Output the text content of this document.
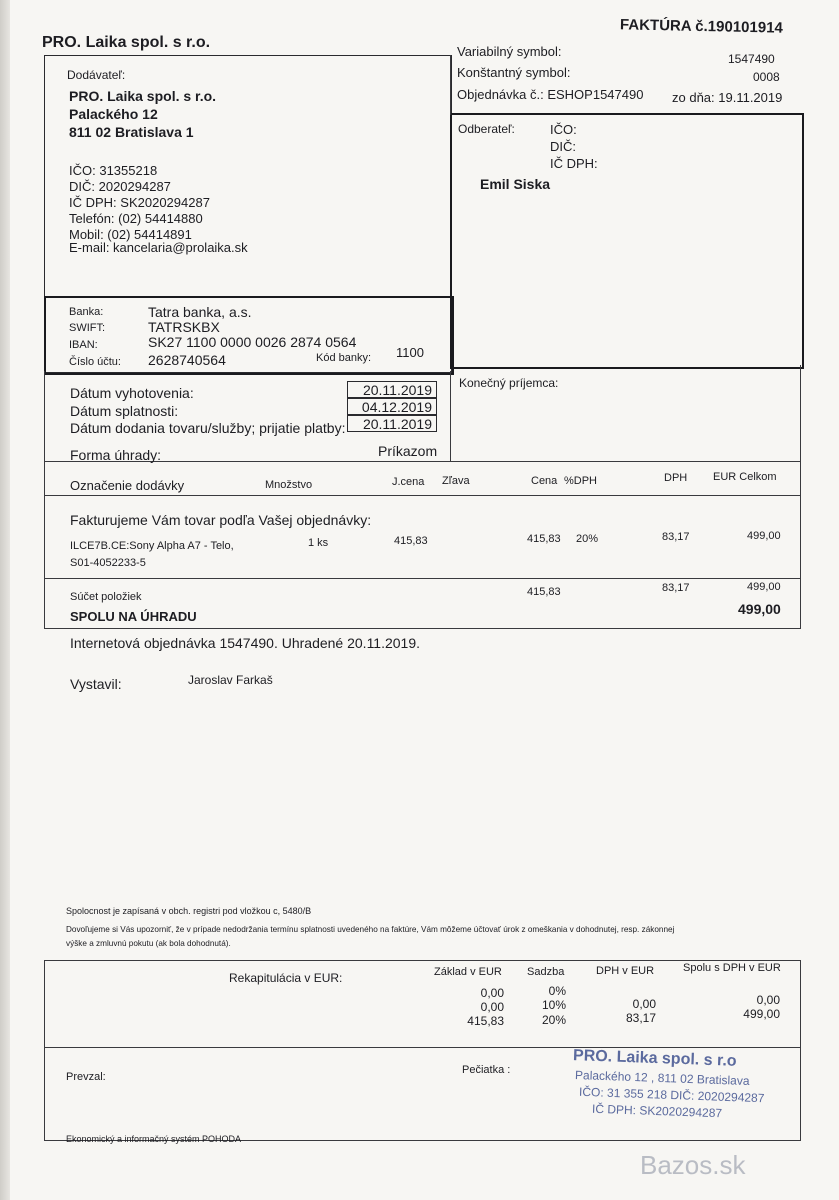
PRO. Laika spol. s r.o.
FAKTÚRA č.190101914
Variabilný symbol:	1547490
Konštantný symbol:	0008
Objednávka č.: ESHOP1547490 zo dňa: 19.11.2019
Dodávateľ:
PRO. Laika spol. s r.o.
Palackého 12
811 02 Bratislava 1
IČO: 31355218
DIČ: 2020294287
IČ DPH: SK2020294287
Telefón: (02) 54414880
Mobil: (02) 54414891
E-mail: kancelaria@prolaika.sk
Banka:	Tatra banka, a.s.
SWIFT:	TATRSKBX
IBAN:	SK27 1100 0000 0026 2874 0564
Číslo účtu: 2628740564	Kód banky: 1100
Odberateľ:	IČO:
DIČ:
IČ DPH:
Emil Siska
Konečný príjemca:
Dátum vyhotovenia:	20.11.2019
Dátum splatnosti:	04.12.2019
Dátum dodania tovaru/služby; prijatie platby:	20.11.2019
Forma úhrady:	Príkazom
Označenie dodávky	Množstvo	J.cena Zľava	Cena %DPH	DPH EUR Celkom
Fakturujeme Vám tovar podľa Vašej objednávky:
ILCE7B.CE:Sony Alpha A7 - Telo,
S01-4052233-5
1 ks	415,83	415,83 20%	83,17	499,00
Súčet položiek	415,83	83,17	499,00
SPOLU NA ÚHRADU	499,00
Internetová objednávka 1547490. Uhradené 20.11.2019.
Vystavil:	Jaroslav Farkaš
Spolocnost je zapísaná v obch. registri pod vložkou c, 5480/B
Dovoľujeme si Vás upozorniť, že v prípade nedodržania termínu splatnosti uvedeného na faktúre, Vám môžeme účtovať úrok z omeškania v dohodnutej, resp. zákonnej
výške a zmluvnú pokutu (ak bola dohodnutá).
Rekapitulácia v EUR:	Základ v EUR Sadzba	DPH v EUR	Spolu s DPH v EUR
0,00	0%
0,00	10%	0,00	0,00
415,83	20%	83,17	499,00
Prevzal:
Pečiatka :
Ekonomický a informačný systém POHODA
PRO. Laika spol. s r.o
Palackého 12 , 811 02 Bratislava
IČO: 31 355 218 DIČ: 2020294287
IČ DPH: SK2020294287
Bazos.sk
